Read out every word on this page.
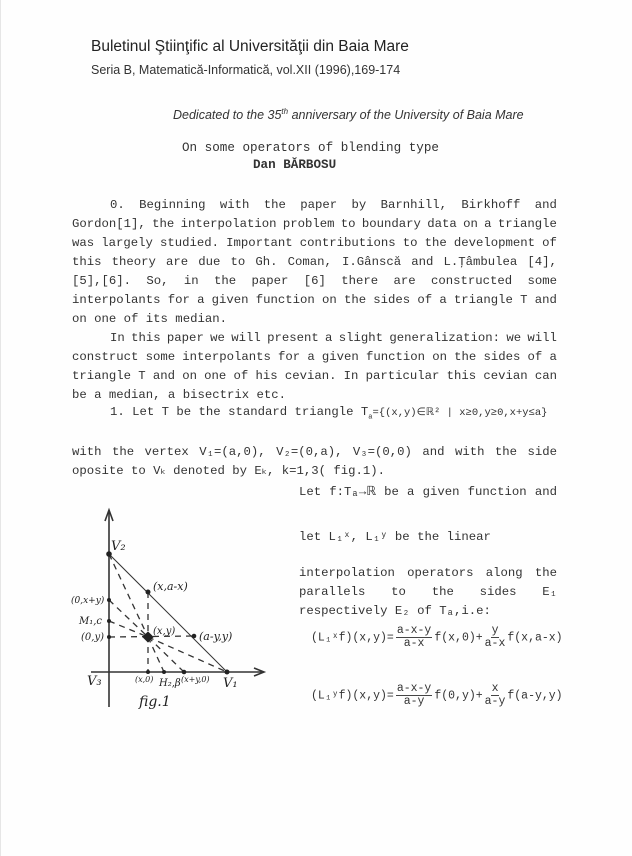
Buletinul Ştiinţific al Universităţii din Baia Mare
Seria B, Matematică-Informatică, vol.XII (1996),169-174
Dedicated to the 35th anniversary of the University of Baia Mare
On some operators of blending type
Dan BĂRBOSU
0. Beginning with the paper by Barnhill, Birkhoff and
Gordon[1], the interpolation problem to boundary data on a triangle
was largely studied. Important contributions to the development of
this theory are due to Gh. Coman, I.Gânscă and L.Ţâmbulea [4],
[5],[6]. So, in the paper [6] there are constructed some
interpolants for a given function on the sides of a triangle T and
on one of its median.
In this paper we will present a slight generalization: we will
construct some interpolants for a given function on the sides of a
triangle T and on one of his cevian. In particular this cevian can
be a median, a bisectrix etc.
1. Let T be the standard triangle $T_a=\{(x,y)\in ℝ^2$ | x≥0,y≥0,x+y≤a}
with the vertex V₁=(a,0), V₂=(0,a), V₃=(0,0) and with the side
oposite to Vₖ denoted by Eₖ, k=1,3( fig.1).
Let f:Tₐ→ℝ be a given function and
let L₁ˣ, L₁ʸ be the linear
interpolation operators along the
parallels to the sides E₁
respectively E₂ of Tₐ,i.e:
(L₁ˣf)(x,y)= $\frac{a-x-y}{a-x} f(x,0)+ \frac{y}{a-x} f(x,a-x)$
(L₁ʸf)(x,y)= $\frac{a-x-y}{a-y} f(0,y)+ \frac{x}{a-y} f(a-y,y)$
V₂
(x,a-x)
(0,x+y)
M₁,c
(0,y)
(x,y) (a-y,y)
V₃	(x,0) H₂,β (x+y,0) V₁
fig.1
